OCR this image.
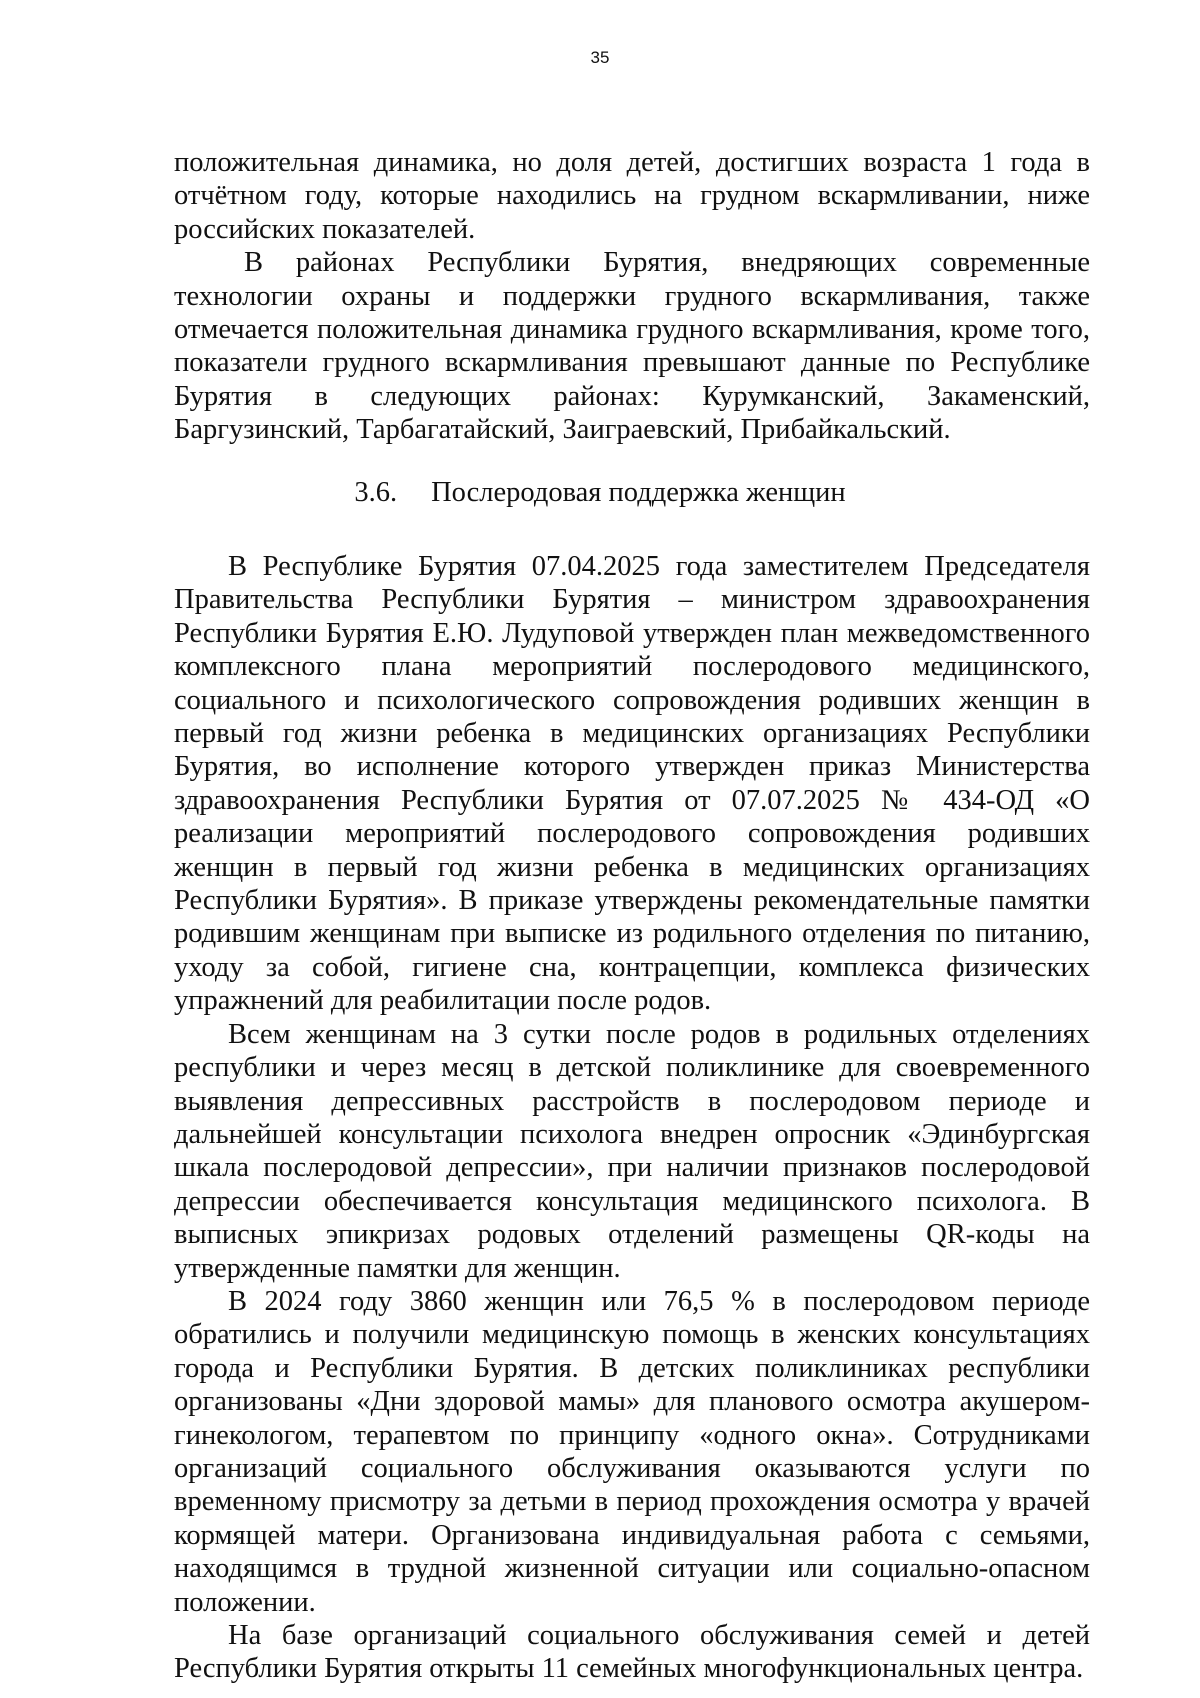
35

положительная динамика, но доля детей, достигших возраста 1 года в отчётном году, которые находились на грудном вскармливании, ниже российских показателей.

В районах Республики Бурятия, внедряющих современные технологии охраны и поддержки грудного вскармливания, также отмечается положительная динамика грудного вскармливания, кроме того, показатели грудного вскармливания превышают данные по Республике Бурятия в следующих районах: Курумканский, Закаменский, Баргузинский, Тарбагатайский, Заиграевский, Прибайкальский.

3.6. Послеродовая поддержка женщин

В Республике Бурятия 07.04.2025 года заместителем Председателя Правительства Республики Бурятия – министром здравоохранения Республики Бурятия Е.Ю. Лудуповой утвержден план межведомственного комплексного плана мероприятий послеродового медицинского, социального и психологического сопровождения родивших женщин в первый год жизни ребенка в медицинских организациях Республики Бурятия, во исполнение которого утвержден приказ Министерства здравоохранения Республики Бурятия от 07.07.2025 № 434-ОД «О реализации мероприятий послеродового сопровождения родивших женщин в первый год жизни ребенка в медицинских организациях Республики Бурятия». В приказе утверждены рекомендательные памятки родившим женщинам при выписке из родильного отделения по питанию, уходу за собой, гигиене сна, контрацепции, комплекса физических упражнений для реабилитации после родов.

Всем женщинам на 3 сутки после родов в родильных отделениях республики и через месяц в детской поликлинике для своевременного выявления депрессивных расстройств в послеродовом периоде и дальнейшей консультации психолога внедрен опросник «Эдинбургская шкала послеродовой депрессии», при наличии признаков послеродовой депрессии обеспечивается консультация медицинского психолога. В выписных эпикризах родовых отделений размещены QR-коды на утвержденные памятки для женщин.

В 2024 году 3860 женщин или 76,5 % в послеродовом периоде обратились и получили медицинскую помощь в женских консультациях города и Республики Бурятия. В детских поликлиниках республики организованы «Дни здоровой мамы» для планового осмотра акушером-гинекологом, терапевтом по принципу «одного окна». Сотрудниками организаций социального обслуживания оказываются услуги по временному присмотру за детьми в период прохождения осмотра у врачей кормящей матери. Организована индивидуальная работа с семьями, находящимся в трудной жизненной ситуации или социально-опасном положении.

На базе организаций социального обслуживания семей и детей Республики Бурятия открыты 11 семейных многофункциональных центра.
